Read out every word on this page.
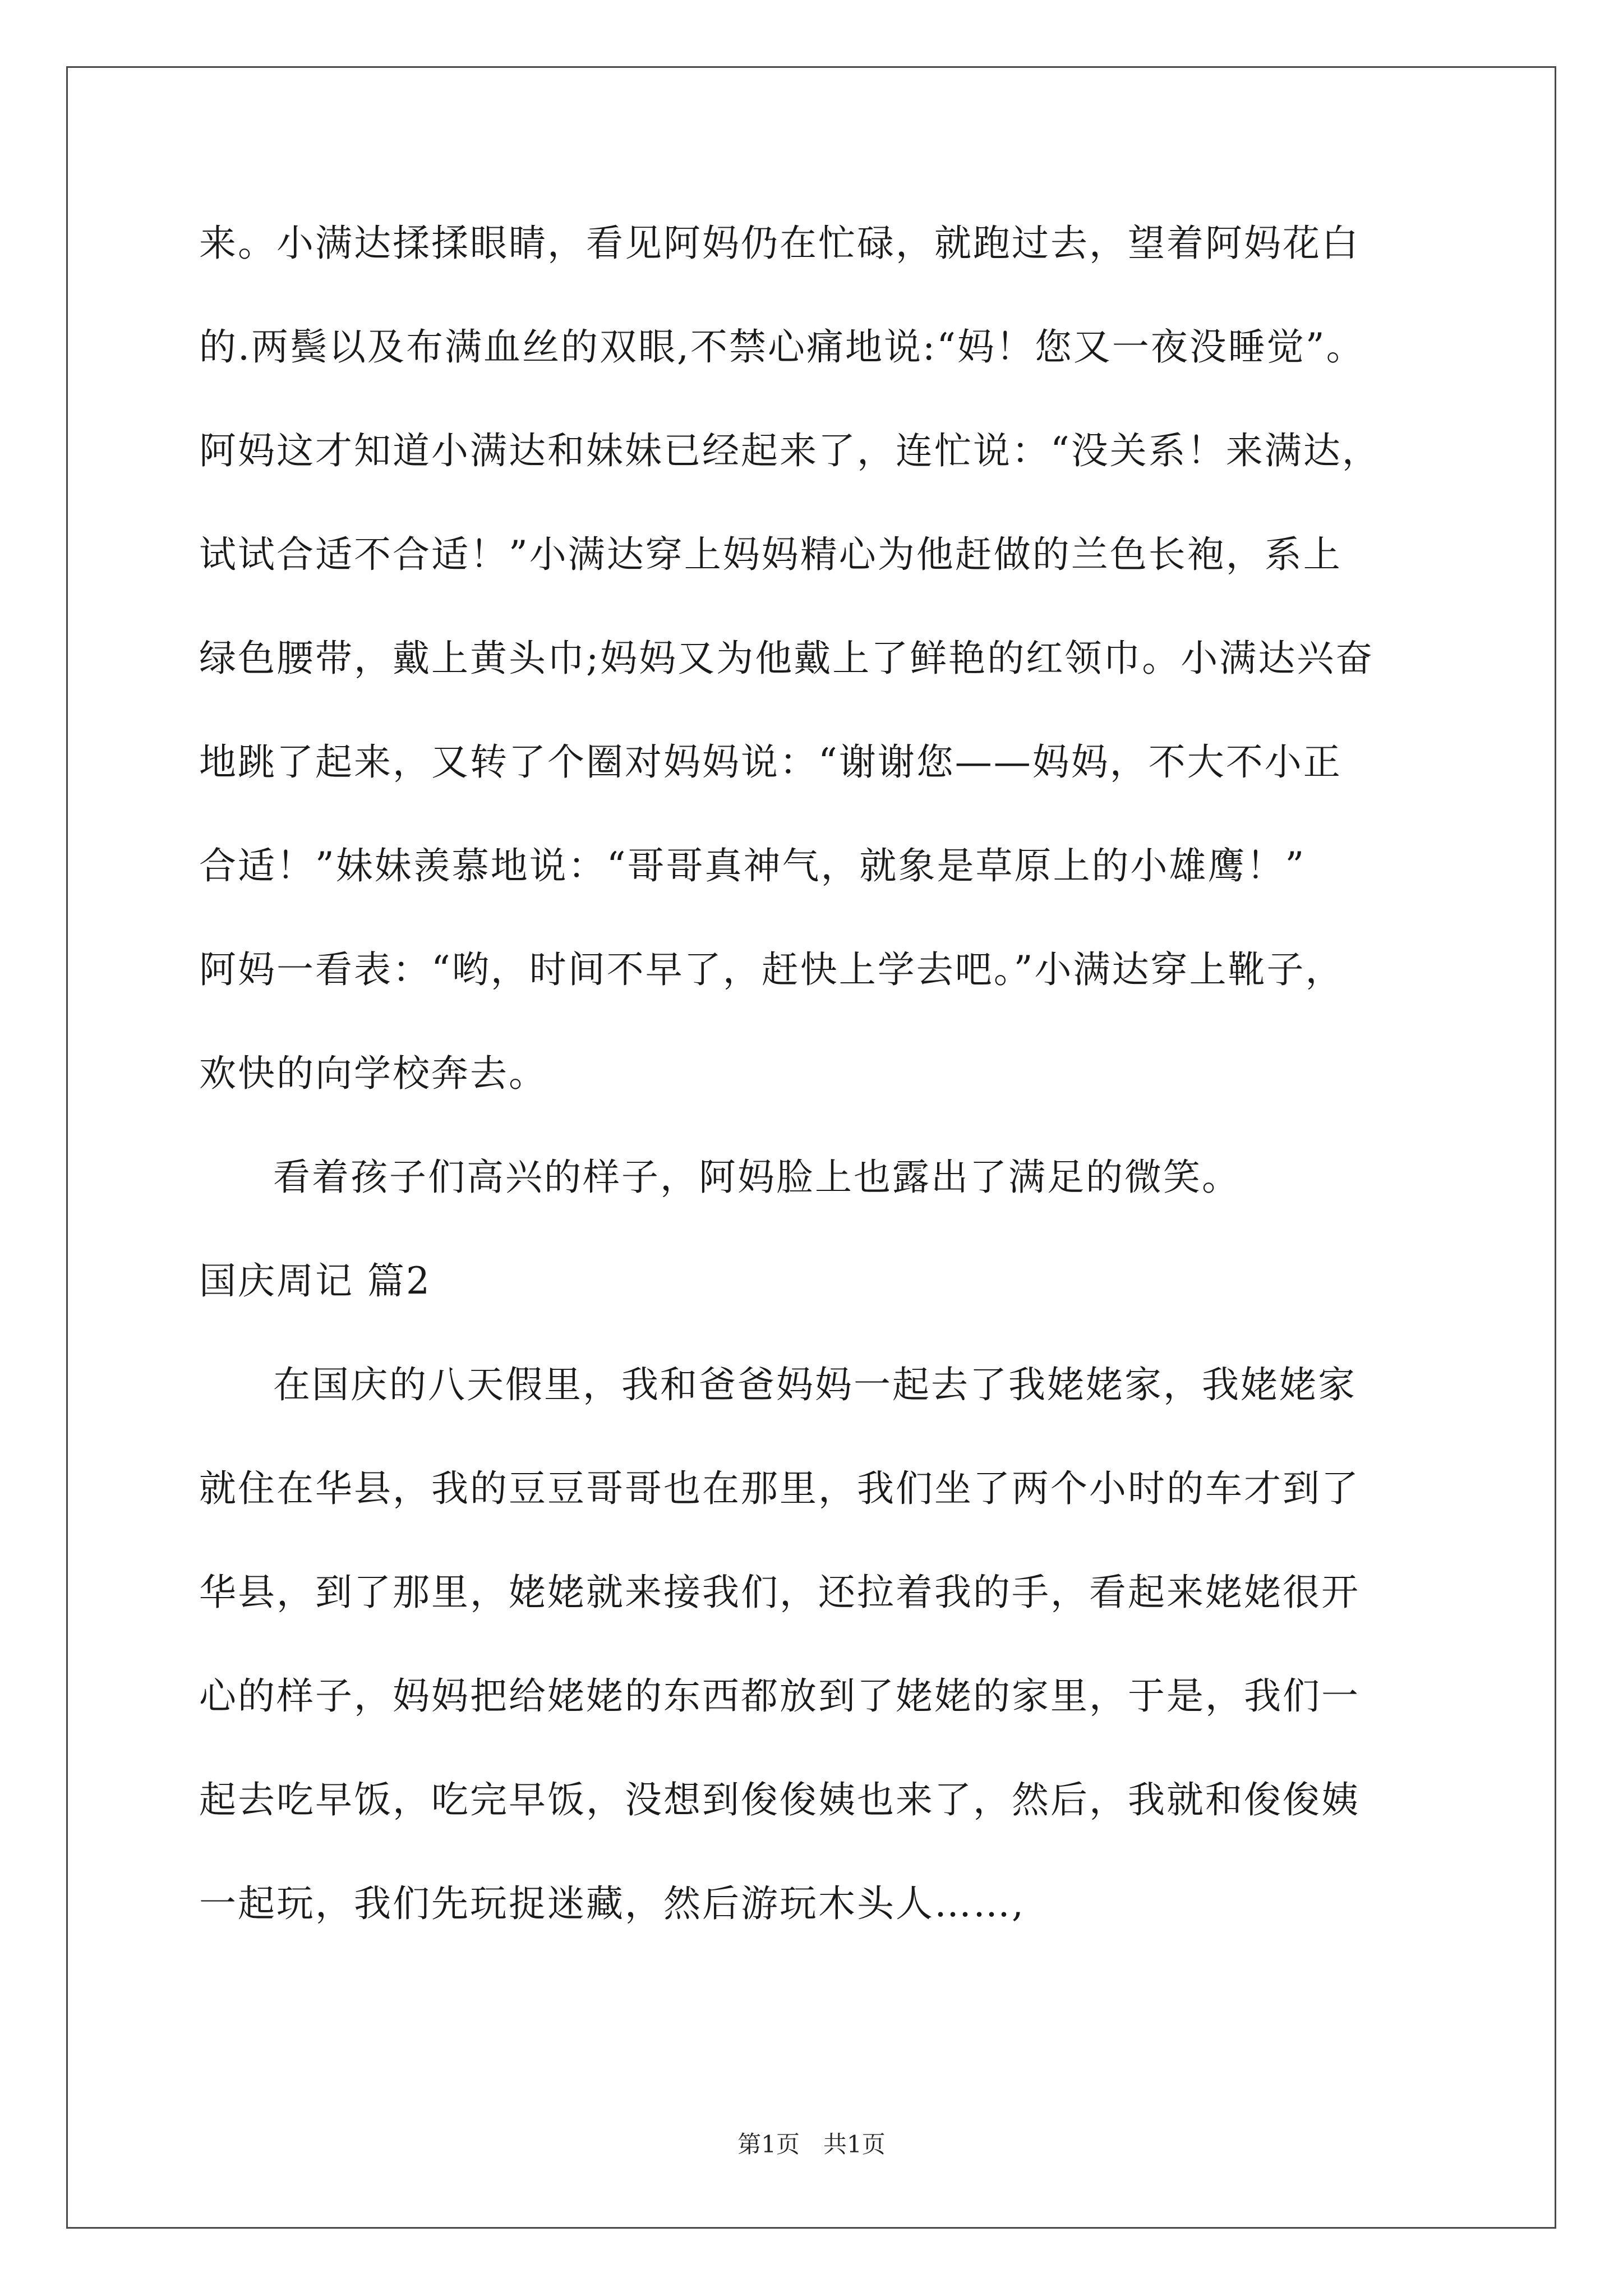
来。小满达揉揉眼睛，看见阿妈仍在忙碌，就跑过去，望着阿妈花白
的.两鬓以及布满血丝的双眼,不禁心痛地说:“妈！您又一夜没睡觉”。
阿妈这才知道小满达和妹妹已经起来了，连忙说：“没关系！来满达，
试试合适不合适！”小满达穿上妈妈精心为他赶做的兰色长袍，系上
绿色腰带，戴上黄头巾;妈妈又为他戴上了鲜艳的红领巾。小满达兴奋
地跳了起来，又转了个圈对妈妈说：“谢谢您——妈妈，不大不小正
合适！”妹妹羡慕地说：“哥哥真神气，就象是草原上的小雄鹰！”
阿妈一看表：“哟，时间不早了，赶快上学去吧。”小满达穿上靴子，
欢快的向学校奔去。
看着孩子们高兴的样子，阿妈脸上也露出了满足的微笑。
国庆周记 篇2
在国庆的八天假里，我和爸爸妈妈一起去了我姥姥家，我姥姥家
就住在华县，我的豆豆哥哥也在那里，我们坐了两个小时的车才到了
华县，到了那里，姥姥就来接我们，还拉着我的手，看起来姥姥很开
心的样子，妈妈把给姥姥的东西都放到了姥姥的家里，于是，我们一
起去吃早饭，吃完早饭，没想到俊俊姨也来了，然后，我就和俊俊姨
一起玩，我们先玩捉迷藏，然后游玩木头人……,
第1页　共1页
